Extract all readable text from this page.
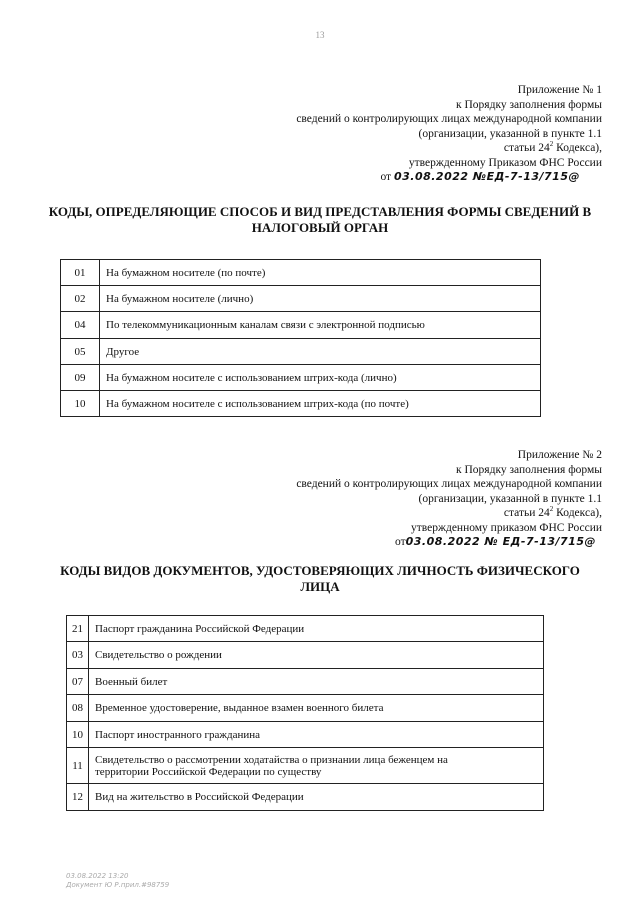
13
Приложение № 1
к Порядку заполнения формы
сведений о контролирующих лицах международной компании
(организации, указанной в пункте 1.1
статьи $24^2$ Кодекса),
утвержденному Приказом ФНС России
от 03.08.2022 №ЕД-7-13/715@
КОДЫ, ОПРЕДЕЛЯЮЩИЕ СПОСОБ И ВИД ПРЕДСТАВЛЕНИЯ ФОРМЫ СВЕДЕНИЙ В
НАЛОГОВЫЙ ОРГАН
01	На бумажном носителе (по почте)

02	На бумажном носителе (лично)

04	По телекоммуникационным каналам связи с электронной подписью

05	Другое

09	На бумажном носителе с использованием штрих-кода (лично)

10	На бумажном носителе с использованием штрих-кода (по почте)
Приложение № 2
к Порядку заполнения формы
сведений о контролирующих лицах международной компании
(организации, указанной в пункте 1.1
статьи $24^2$ Кодекса),
утвержденному приказом ФНС России
от03.08.2022 № ЕД-7-13/715@
КОДЫ ВИДОВ ДОКУМЕНТОВ, УДОСТОВЕРЯЮЩИХ ЛИЧНОСТЬ ФИЗИЧЕСКОГО
ЛИЦА
21	Паспорт гражданина Российской Федерации

03	Свидетельство о рождении

07	Военный билет

08	Временное удостоверение, выданное взамен военного билета

10	Паспорт иностранного гражданина

11	Свидетельство о рассмотрении ходатайства о признании лица беженцем на
территории Российской Федерации по существу

12	Вид на жительство в Российской Федерации
03.08.2022 13:20
Документ Ю Р.прил.#98759
